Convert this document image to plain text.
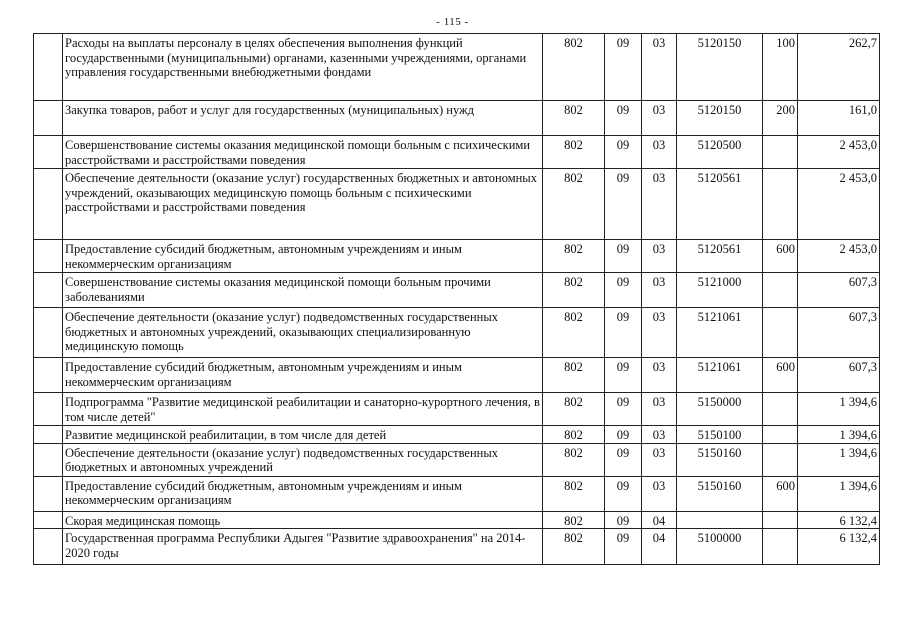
- 115 -
	Расходы на выплаты персоналу в целях обеспечения выполнения функций государственными (муниципальными) органами, казенными учреждениями, органами управления государственными внебюджетными фондами	802	09	03	5120150	100	262,7
	Закупка товаров, работ и услуг для государственных (муниципальных) нужд	802	09	03	5120150	200	161,0
	Совершенствование системы оказания медицинской помощи больным с психическими расстройствами и расстройствами поведения	802	09	03	5120500		2 453,0
	Обеспечение деятельности (оказание услуг) государственных бюджетных и автономных учреждений, оказывающих медицинскую помощь больным с психическими расстройствами и расстройствами поведения	802	09	03	5120561		2 453,0
	Предоставление субсидий бюджетным, автономным учреждениям и иным некоммерческим организациям	802	09	03	5120561	600	2 453,0
	Совершенствование системы оказания медицинской помощи больным прочими заболеваниями	802	09	03	5121000		607,3
	Обеспечение деятельности (оказание услуг) подведомственных государственных бюджетных и автономных учреждений, оказывающих специализированную медицинскую помощь	802	09	03	5121061		607,3
	Предоставление субсидий бюджетным, автономным учреждениям и иным некоммерческим организациям	802	09	03	5121061	600	607,3
	Подпрограмма "Развитие медицинской реабилитации и санаторно-курортного лечения, в том числе детей"	802	09	03	5150000		1 394,6
	Развитие медицинской реабилитации, в том числе для детей	802	09	03	5150100		1 394,6
	Обеспечение деятельности (оказание услуг) подведомственных государственных бюджетных и автономных учреждений	802	09	03	5150160		1 394,6
	Предоставление субсидий бюджетным, автономным учреждениям и иным некоммерческим организациям	802	09	03	5150160	600	1 394,6
	Скорая медицинская помощь	802	09	04			6 132,4
	Государственная программа Республики Адыгея "Развитие здравоохранения" на 2014-2020 годы	802	09	04	5100000		6 132,4
